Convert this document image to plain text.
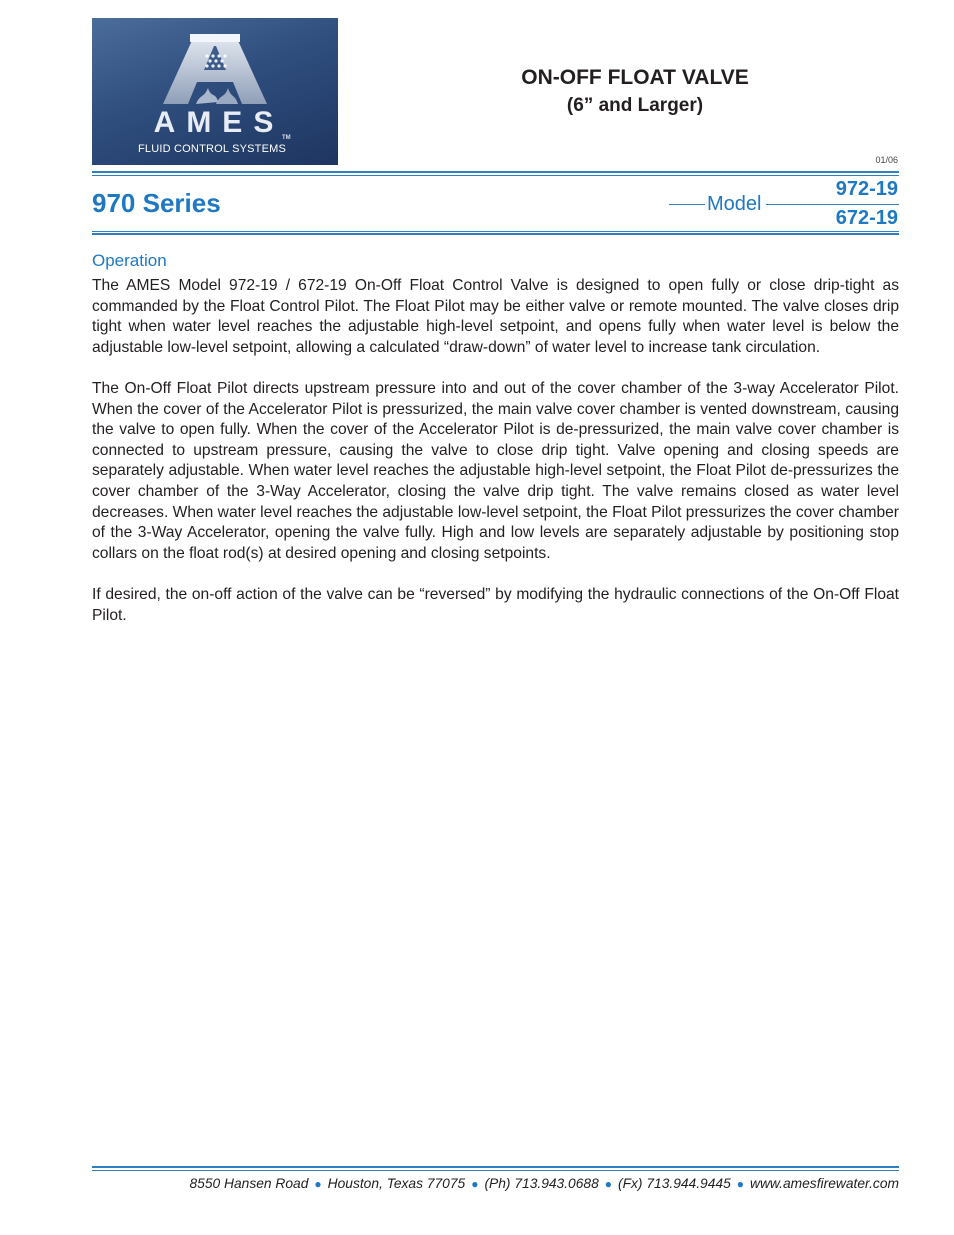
AMES
TM
FLUID CONTROL SYSTEMS
ON-OFF FLOAT VALVE
(6” and Larger)
01/06
970 Series	Model
972-19
672-19
Operation

The AMES Model 972-19 / 672-19 On-Off Float Control Valve is designed to open fully or close drip-tight as commanded by the Float Control Pilot. The Float Pilot may be either valve or remote mounted. The valve closes drip tight when water level reaches the adjustable high-level setpoint, and opens fully when water level is below the adjustable low-level setpoint, allowing a calculated “draw-down” of water level to increase tank circulation.

The On-Off Float Pilot directs upstream pressure into and out of the cover chamber of the 3-way Accelerator Pilot. When the cover of the Accelerator Pilot is pressurized, the main valve cover chamber is vented downstream, causing the valve to open fully. When the cover of the Accelerator Pilot is de-pressurized, the main valve cover chamber is connected to upstream pressure, causing the valve to close drip tight. Valve opening and closing speeds are separately adjustable. When water level reaches the adjustable high-level setpoint, the Float Pilot de-pressurizes the cover chamber of the 3-Way Accelerator, closing the valve drip tight. The valve remains closed as water level decreases. When water level reaches the adjustable low-level setpoint, the Float Pilot pressurizes the cover chamber of the 3-Way Accelerator, opening the valve fully. High and low levels are separately adjustable by positioning stop collars on the float rod(s) at desired opening and closing setpoints.

If desired, the on-off action of the valve can be “reversed” by modifying the hydraulic connections of the On-Off Float Pilot.

8550 Hansen Road ● Houston, Texas 77075 ● (Ph) 713.943.0688 ● (Fx) 713.944.9445 ● www.amesfirewater.com
